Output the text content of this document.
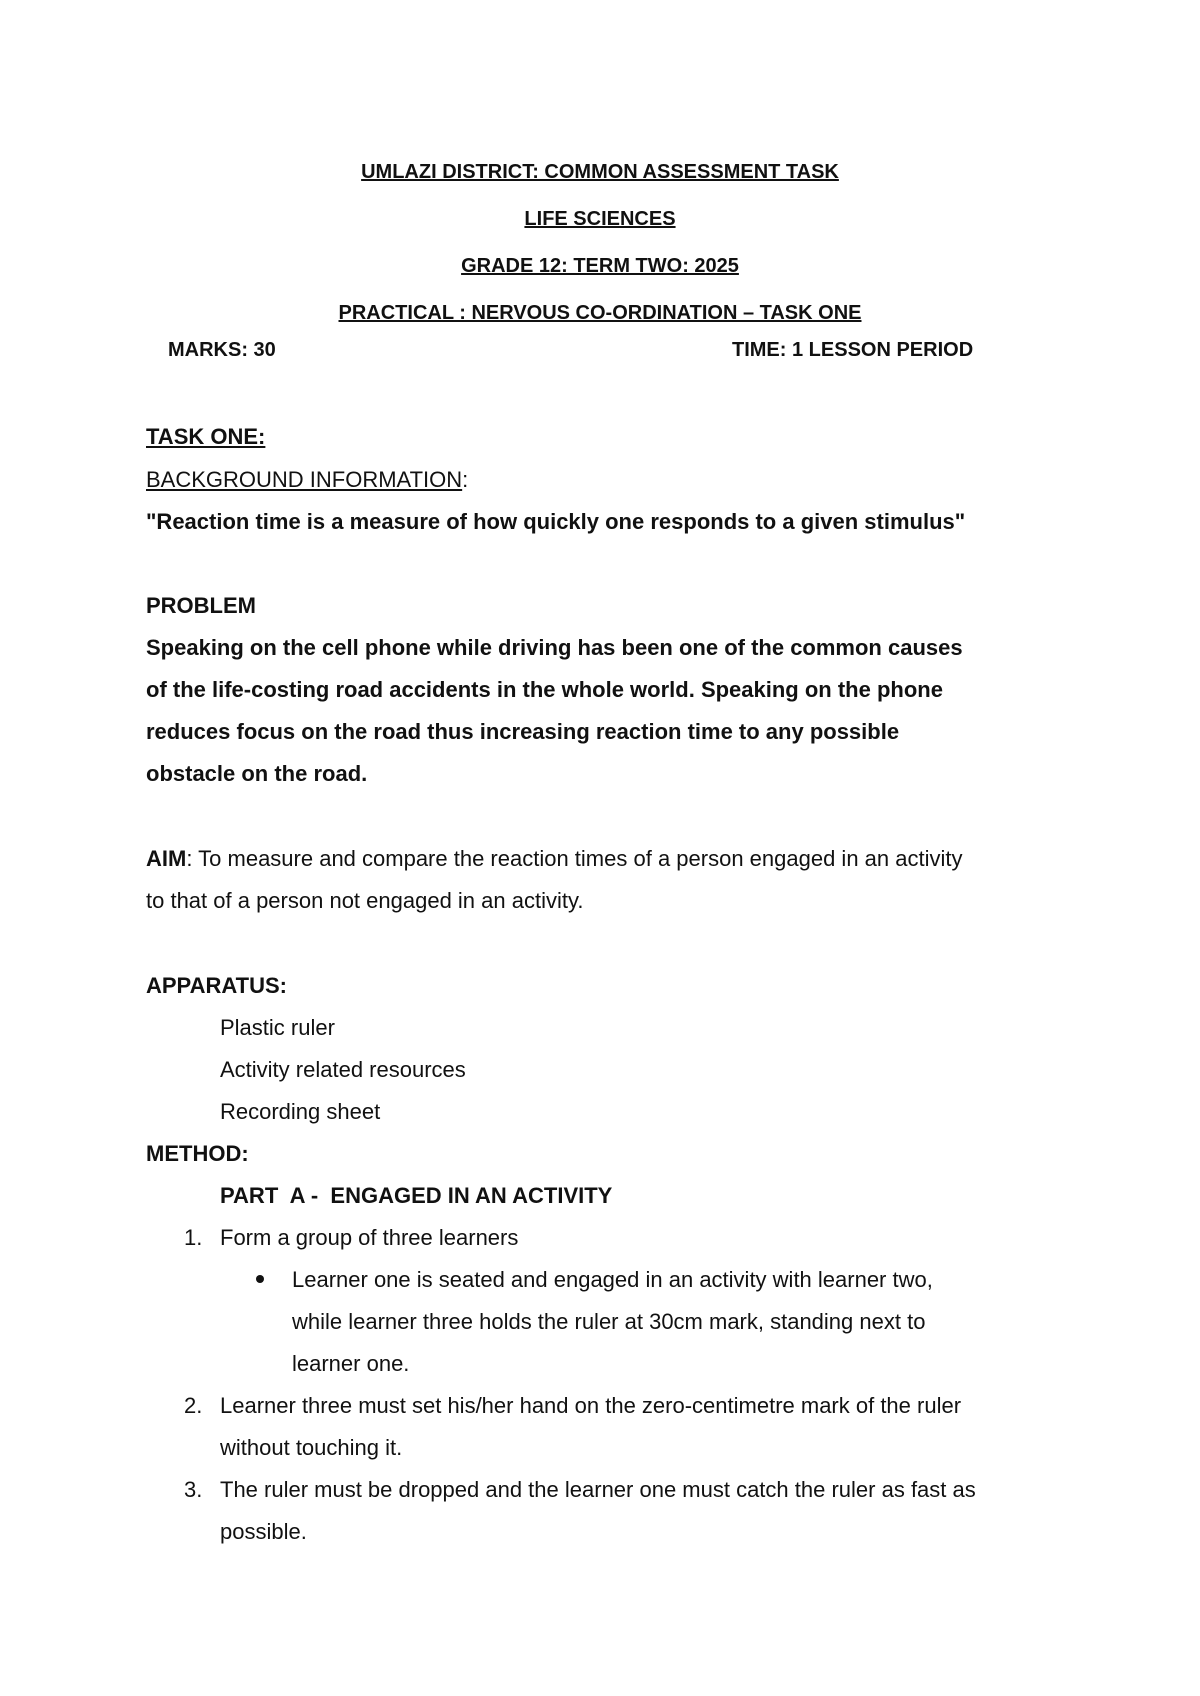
UMLAZI DISTRICT: COMMON ASSESSMENT TASK
LIFE SCIENCES
GRADE 12: TERM TWO: 2025
PRACTICAL : NERVOUS CO-ORDINATION – TASK ONE
MARKS: 30	TIME: 1 LESSON PERIOD
TASK ONE:
BACKGROUND INFORMATION:
"Reaction time is a measure of how quickly one responds to a given stimulus"
PROBLEM
Speaking on the cell phone while driving has been one of the common causes
of the life-costing road accidents in the whole world. Speaking on the phone
reduces focus on the road thus increasing reaction time to any possible
obstacle on the road.
AIM: To measure and compare the reaction times of a person engaged in an activity
to that of a person not engaged in an activity.
APPARATUS:
Plastic ruler
Activity related resources
Recording sheet
METHOD:
PART  A -  ENGAGED IN AN ACTIVITY
1. Form a group of three learners
Learner one is seated and engaged in an activity with learner two,
while learner three holds the ruler at 30cm mark, standing next to
learner one.
2. Learner three must set his/her hand on the zero-centimetre mark of the ruler
without touching it.
3. The ruler must be dropped and the learner one must catch the ruler as fast as
possible.
